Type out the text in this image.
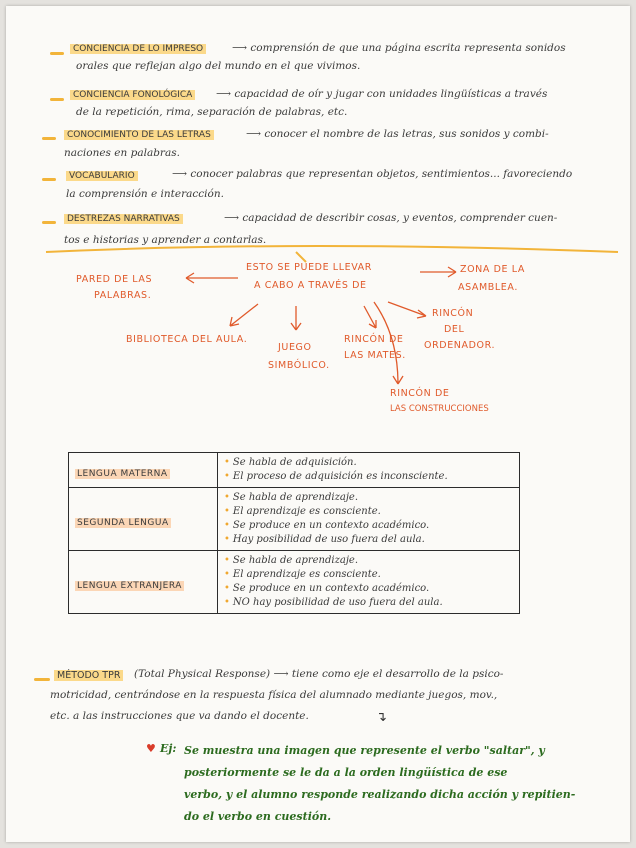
CONCIENCIA DE LO IMPRESO	⟶ comprensión de que una página escrita representa sonidos
orales que reflejan algo del mundo en el que vivimos.
CONCIENCIA FONOLÓGICA ⟶ capacidad de oír y jugar con unidades lingüísticas a través
de la repetición, rima, separación de palabras, etc.
CONOCIMIENTO DE LAS LETRAS	⟶ conocer el nombre de las letras, sus sonidos y combi-
naciones en palabras.
VOCABULARIO	⟶ conocer palabras que representan objetos, sentimientos... favoreciendo
la comprensión e interacción.
DESTREZAS NARRATIVAS	⟶ capacidad de describir cosas, y eventos, comprender cuen-
tos e historias y aprender a contarlas.
ESTO SE PUEDE LLEVAR
A CABO A TRAVÉS DE
PARED DE LAS
PALABRAS.
ZONA DE LA
ASAMBLEA.
BIBLIOTECA DEL AULA.
JUEGO
SIMBÓLICO.
RINCÓN DE
LAS MATES.
RINCÓN
DEL
ORDENADOR.
RINCÓN DE
LAS CONSTRUCCIONES
LENGUA MATERNA	• Se habla de adquisición.
• El proceso de adquisición es inconsciente.

SEGUNDA LENGUA	• Se habla de aprendizaje.
• El aprendizaje es consciente.
• Se produce en un contexto académico.
• Hay posibilidad de uso fuera del aula.

LENGUA EXTRANJERA	• Se habla de aprendizaje.
• El aprendizaje es consciente.
• Se produce en un contexto académico.
• NO hay posibilidad de uso fuera del aula.
MÉTODO TPR (Total Physical Response) ⟶ tiene como eje el desarrollo de la psico-
motricidad, centrándose en la respuesta física del alumnado mediante juegos, mov.,
etc. a las instrucciones que va dando el docente.	↴
♥ Ej: Se muestra una imagen que represente el verbo "saltar", y
posteriormente se le da a la orden lingüística de ese
verbo, y el alumno responde realizando dicha acción y repitien-
do el verbo en cuestión.
